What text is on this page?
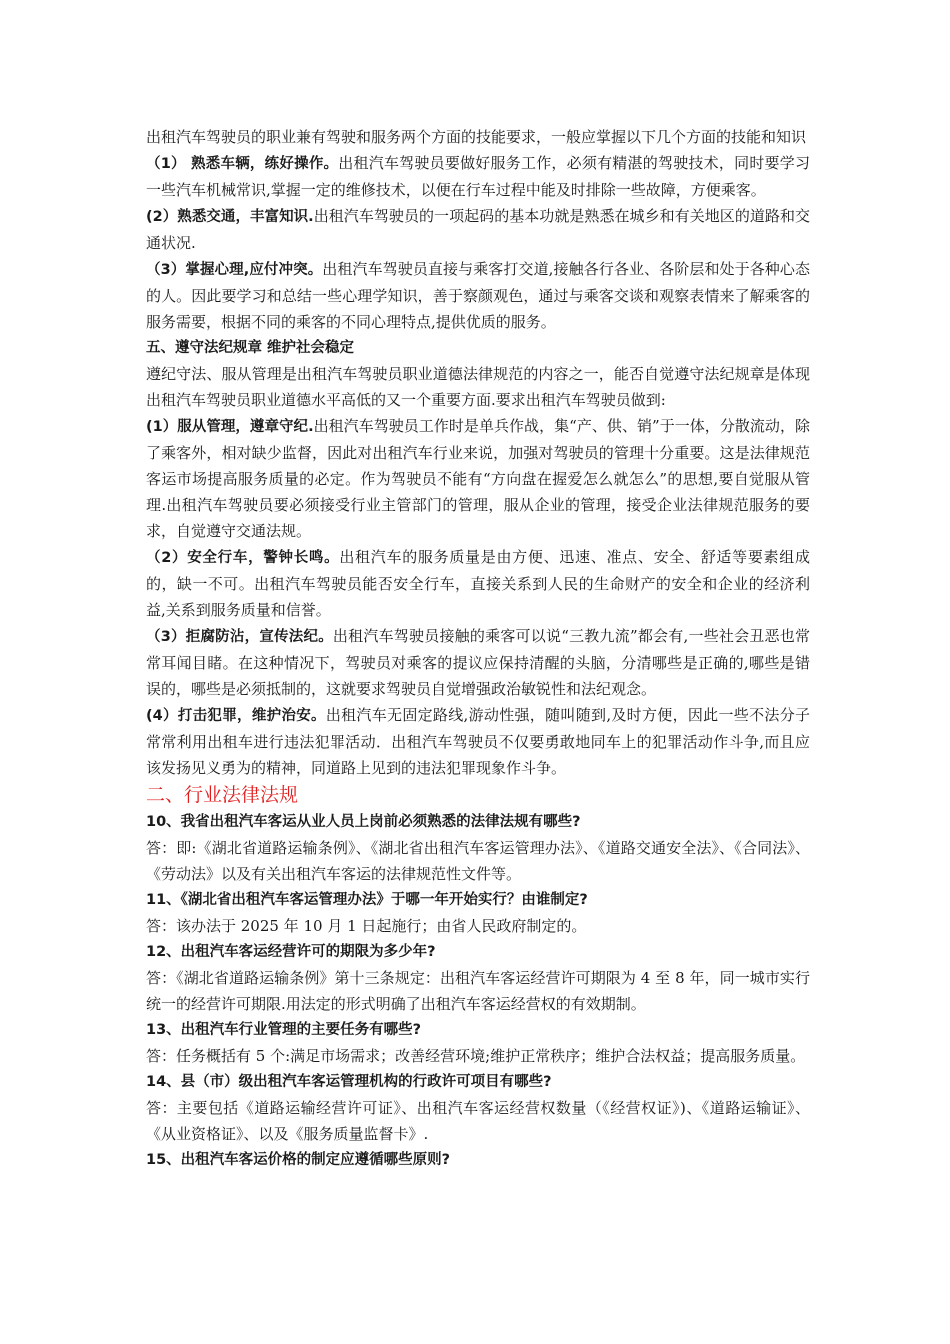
出租汽车驾驶员的职业兼有驾驶和服务两个方面的技能要求，一般应掌握以下几个方面的技能和知识

（1） 熟悉车辆，练好操作。出租汽车驾驶员要做好服务工作，必须有精湛的驾驶技术，同时要学习一些汽车机械常识,掌握一定的维修技术，以便在行车过程中能及时排除一些故障，方便乘客。

(2）熟悉交通，丰富知识.出租汽车驾驶员的一项起码的基本功就是熟悉在城乡和有关地区的道路和交通状况.

（3）掌握心理,应付冲突。出租汽车驾驶员直接与乘客打交道,接触各行各业、各阶层和处于各种心态的人。因此要学习和总结一些心理学知识，善于察颜观色，通过与乘客交谈和观察表情来了解乘客的服务需要，根据不同的乘客的不同心理特点,提供优质的服务。

五、遵守法纪规章 维护社会稳定

遵纪守法、服从管理是出租汽车驾驶员职业道德法律规范的内容之一，能否自觉遵守法纪规章是体现出租汽车驾驶员职业道德水平高低的又一个重要方面.要求出租汽车驾驶员做到:

(1）服从管理，遵章守纪.出租汽车驾驶员工作时是单兵作战，集“产、供、销”于一体，分散流动，除了乘客外，相对缺少监督，因此对出租汽车行业来说，加强对驾驶员的管理十分重要。这是法律规范客运市场提高服务质量的必定。作为驾驶员不能有“方向盘在握爱怎么就怎么”的思想,要自觉服从管理.出租汽车驾驶员要必须接受行业主管部门的管理，服从企业的管理，接受企业法律规范服务的要求，自觉遵守交通法规。

（2）安全行车，警钟长鸣。出租汽车的服务质量是由方便、迅速、准点、安全、舒适等要素组成的，缺一不可。出租汽车驾驶员能否安全行车，直接关系到人民的生命财产的安全和企业的经济利益,关系到服务质量和信誉。

（3）拒腐防沾，宣传法纪。出租汽车驾驶员接触的乘客可以说“三教九流”都会有,一些社会丑恶也常常耳闻目睹。在这种情况下，驾驶员对乘客的提议应保持清醒的头脑，分清哪些是正确的,哪些是错误的，哪些是必须抵制的，这就要求驾驶员自觉增强政治敏锐性和法纪观念。

(4）打击犯罪，维护治安。出租汽车无固定路线,游动性强，随叫随到,及时方便，因此一些不法分子常常利用出租车进行违法犯罪活动．出租汽车驾驶员不仅要勇敢地同车上的犯罪活动作斗争,而且应该发扬见义勇为的精神，同道路上见到的违法犯罪现象作斗争。

二、行业法律法规

10、我省出租汽车客运从业人员上岗前必须熟悉的法律法规有哪些?

答：即:《湖北省道路运输条例》、《湖北省出租汽车客运管理办法》、《道路交通安全法》、《合同法》、《劳动法》以及有关出租汽车客运的法律规范性文件等。

11、《湖北省出租汽车客运管理办法》于哪一年开始实行？由谁制定?

答：该办法于 2025 年 10 月 1 日起施行；由省人民政府制定的。

12、出租汽车客运经营许可的期限为多少年?

答：《湖北省道路运输条例》第十三条规定：出租汽车客运经营许可期限为 4 至 8 年，同一城市实行统一的经营许可期限.用法定的形式明确了出租汽车客运经营权的有效期制。

13、出租汽车行业管理的主要任务有哪些?

答：任务概括有 5 个:满足市场需求；改善经营环境;维护正常秩序；维护合法权益；提高服务质量。

14、县（市）级出租汽车客运管理机构的行政许可项目有哪些?

答：主要包括《道路运输经营许可证》、出租汽车客运经营权数量（《经营权证》)、《道路运输证》、《从业资格证》、以及《服务质量监督卡》.

15、出租汽车客运价格的制定应遵循哪些原则?
